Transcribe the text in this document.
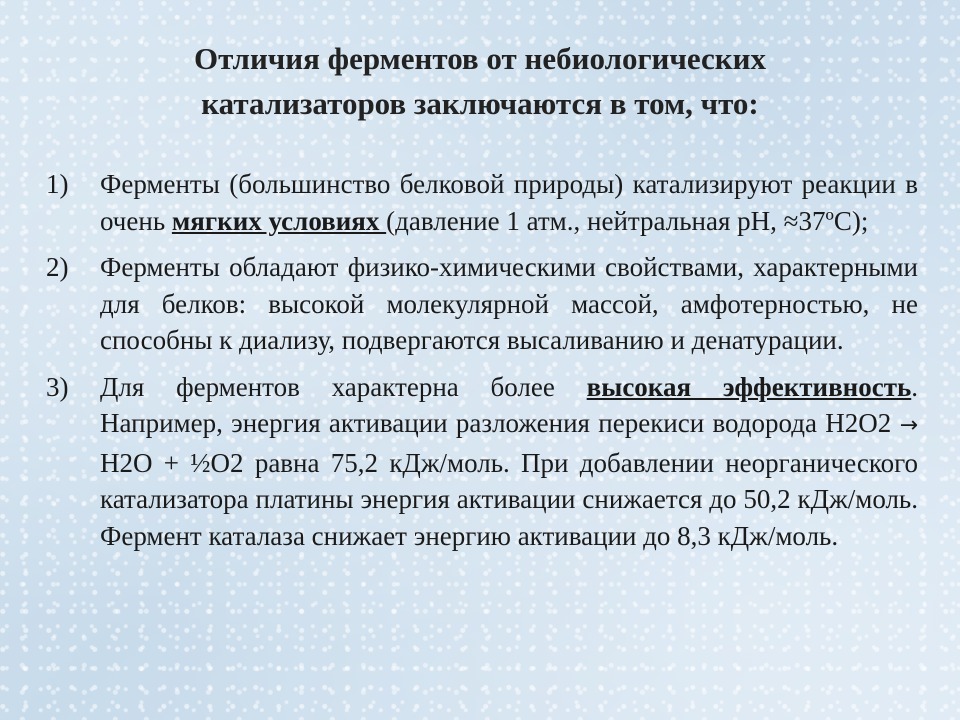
Отличия ферментов от небиологических
катализаторов заключаются в том, что:
1)	Ферменты (большинство белковой природы) катализируют реакции в очень мягких условиях (давление 1 атм., нейтральная рН, ≈37ºС);
2)	Ферменты обладают физико-химическими свойствами, характерными для белков: высокой молекулярной массой, амфотерностью, не способны к диализу, подвергаются высаливанию и денатурации.
3)	Для ферментов характерна более высокая эффективность. Например, энергия активации разложения перекиси водорода Н2О2 → Н2О + ½О2 равна 75,2 кДж/моль. При добавлении неорганического катализатора платины энергия активации снижается до 50,2 кДж/моль. Фермент каталаза снижает энергию активации до 8,3 кДж/моль.
